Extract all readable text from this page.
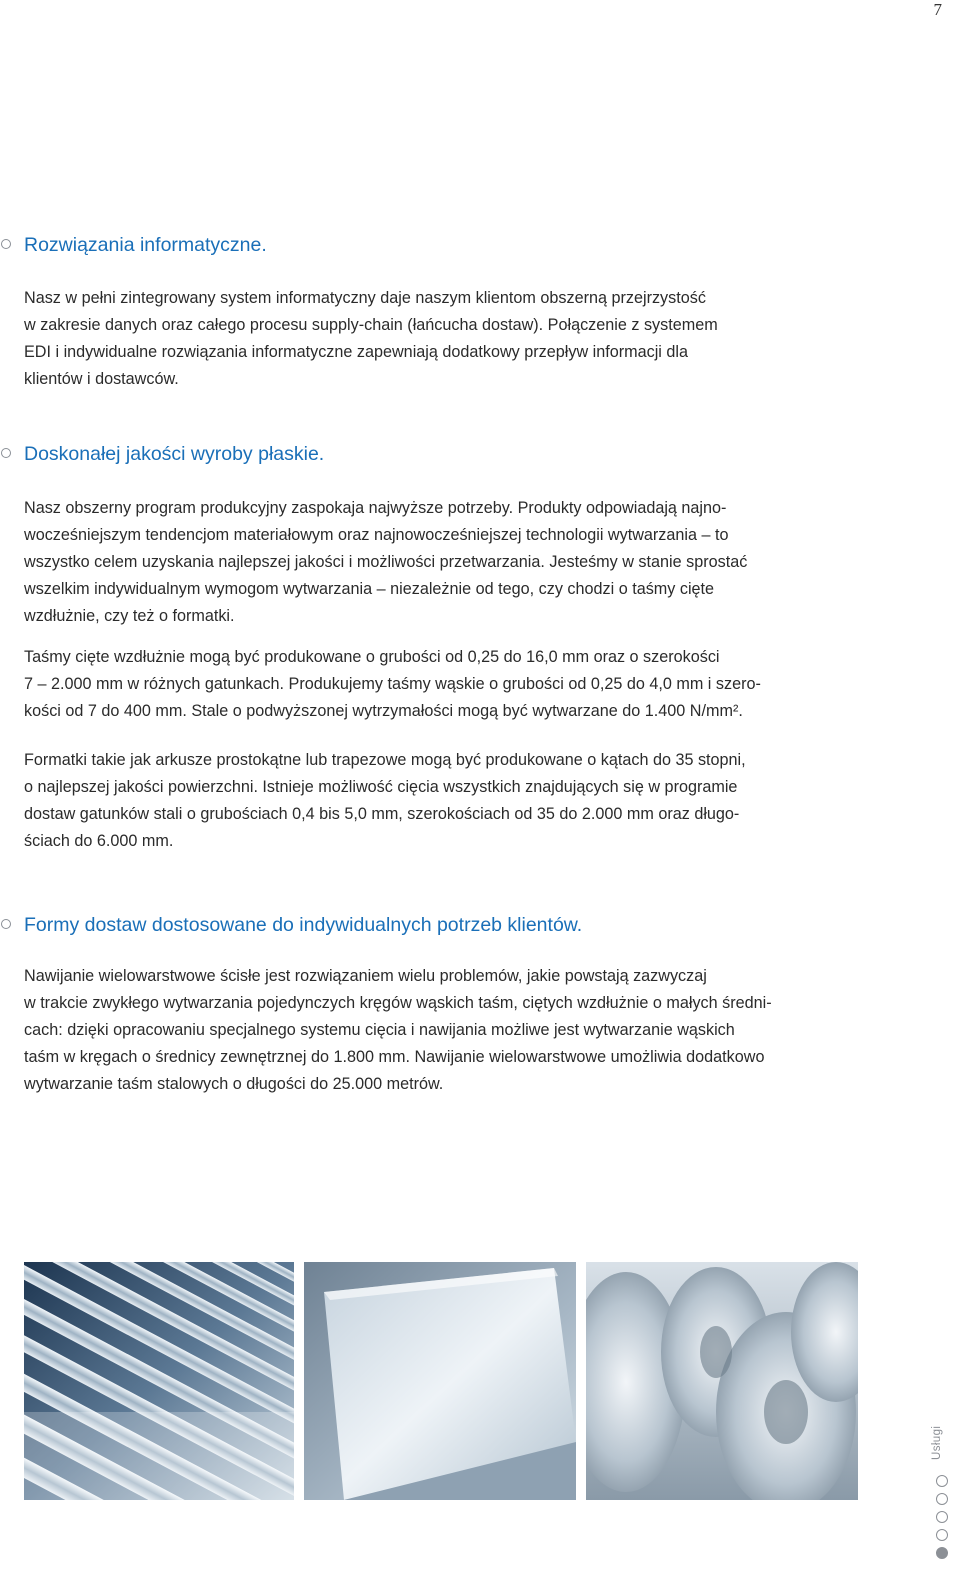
7
Rozwiązania informatyczne.

Nasz w pełni zintegrowany system informatyczny daje naszym klientom obszerną przejrzystość
w zakresie danych oraz całego procesu supply-chain (łańcucha dostaw). Połączenie z systemem
EDI i indywidualne rozwiązania informatyczne zapewniają dodatkowy przepływ informacji dla
klientów i dostawców.

Doskonałej jakości wyroby płaskie.

Nasz obszerny program produkcyjny zaspokaja najwyższe potrzeby. Produkty odpowiadają najno-
wocześniejszym tendencjom materiałowym oraz najnowocześniejszej technologii wytwarzania – to
wszystko celem uzyskania najlepszej jakości i możliwości przetwarzania. Jesteśmy w stanie sprostać
wszelkim indywidualnym wymogom wytwarzania – niezależnie od tego, czy chodzi o taśmy cięte
wzdłużnie, czy też o formatki.

Taśmy cięte wzdłużnie mogą być produkowane o grubości od 0,25 do 16,0 mm oraz o szerokości
7 – 2.000 mm w różnych gatunkach. Produkujemy taśmy wąskie o grubości od 0,25 do 4,0 mm i szero-
kości od 7 do 400 mm. Stale o podwyższonej wytrzymałości mogą być wytwarzane do 1.400 N/mm².

Formatki takie jak arkusze prostokątne lub trapezowe mogą być produkowane o kątach do 35 stopni,
o najlepszej jakości powierzchni. Istnieje możliwość cięcia wszystkich znajdujących się w programie
dostaw gatunków stali o grubościach 0,4 bis 5,0 mm, szerokościach od 35 do 2.000 mm oraz długo-
ściach do 6.000 mm.

Formy dostaw dostosowane do indywidualnych potrzeb klientów.

Nawijanie wielowarstwowe ścisłe jest rozwiązaniem wielu problemów, jakie powstają zazwyczaj
w trakcie zwykłego wytwarzania pojedynczych kręgów wąskich taśm, ciętych wzdłużnie o małych średni-
cach: dzięki opracowaniu specjalnego systemu cięcia i nawijania możliwe jest wytwarzanie wąskich
taśm w kręgach o średnicy zewnętrznej do 1.800 mm. Nawijanie wielowarstwowe umożliwia dodatkowo
wytwarzanie taśm stalowych o długości do 25.000 metrów.

Usługi
